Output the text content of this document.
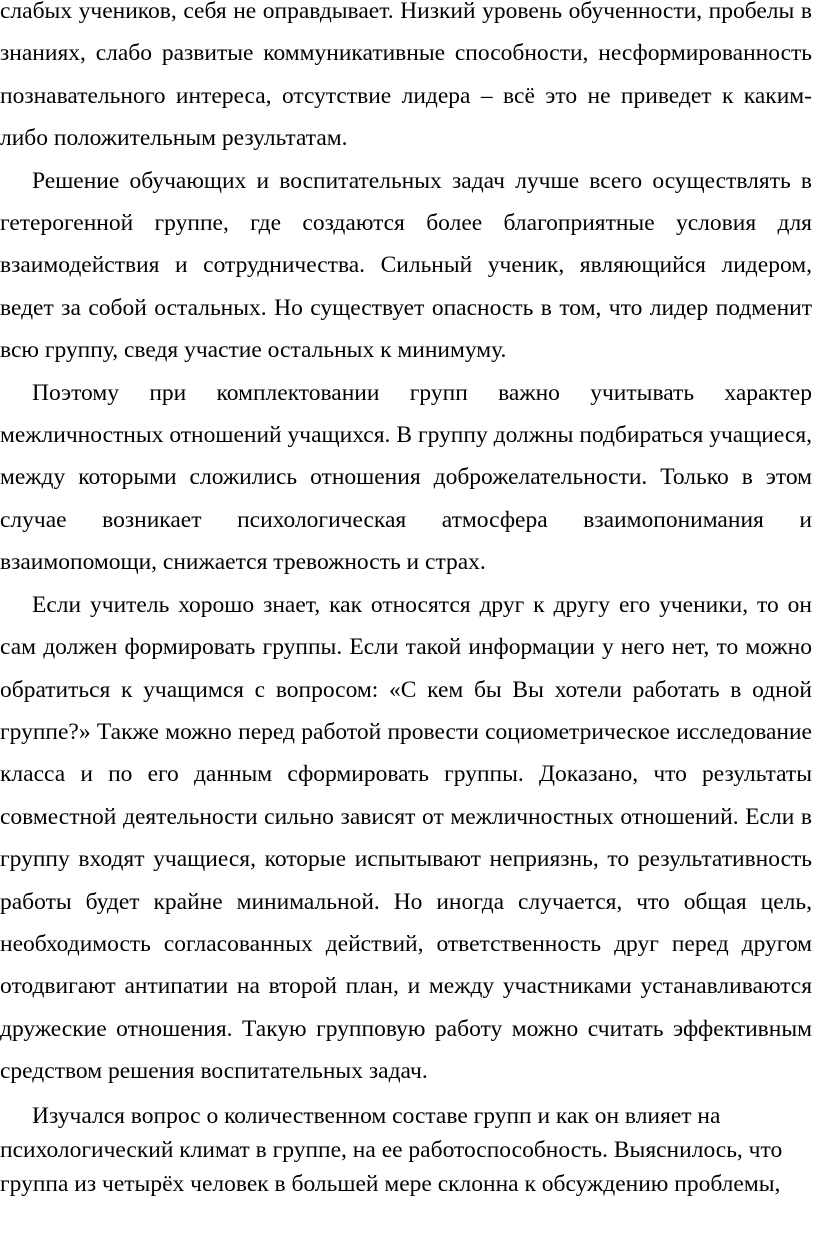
слабых учеников, себя не оправдывает. Низкий уровень обученности, пробелы в знаниях, слабо развитые коммуникативные способности, несформированность познавательного интереса, отсутствие лидера – всё это не приведет к каким-либо положительным результатам.

Решение обучающих и воспитательных задач лучше всего осуществлять в гетерогенной группе, где создаются более благоприятные условия для взаимодействия и сотрудничества. Сильный ученик, являющийся лидером, ведет за собой остальных. Но существует опасность в том, что лидер подменит всю группу, сведя участие остальных к минимуму.

Поэтому при комплектовании групп важно учитывать характер межличностных отношений учащихся. В группу должны подбираться учащиеся, между которыми сложились отношения доброжелательности. Только в этом случае возникает психологическая атмосфера взаимопонимания и взаимопомощи, снижается тревожность и страх.

Если учитель хорошо знает, как относятся друг к другу его ученики, то он сам должен формировать группы. Если такой информации у него нет, то можно обратиться к учащимся с вопросом: «С кем бы Вы хотели работать в одной группе?» Также можно перед работой провести социометрическое исследование класса и по его данным сформировать группы. Доказано, что результаты совместной деятельности сильно зависят от межличностных отношений. Если в группу входят учащиеся, которые испытывают неприязнь, то результативность работы будет крайне минимальной. Но иногда случается, что общая цель, необходимость согласованных действий, ответственность друг перед другом отодвигают антипатии на второй план, и между участниками устанавливаются дружеские отношения. Такую групповую работу можно считать эффективным средством решения воспитательных задач.

Изучался вопрос о количественном составе групп и как он влияет на психологический климат в группе, на ее работоспособность. Выяснилось, что группа из четырёх человек в большей мере склонна к обсуждению проблемы,
